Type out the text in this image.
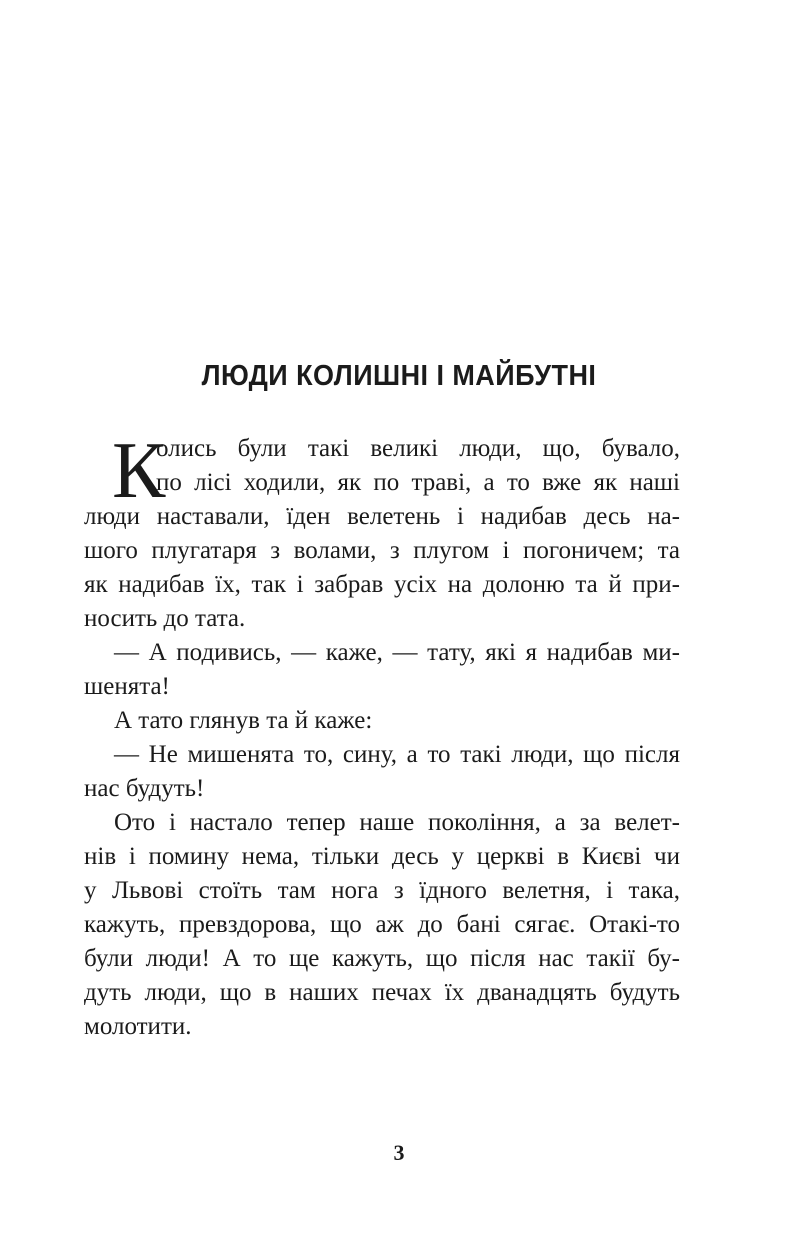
ЛЮДИ КОЛИШНІ І МАЙБУТНІ
К
олись були такі великі люди, що, бувало,
по лісі ходили, як по траві, а то вже як наші
люди наставали, їден велетень і надибав десь на-
шого плугатаря з волами, з плугом і погоничем; та
як надибав їх, так і забрав усіх на долоню та й при-
носить до тата.
— А подивись, — каже, — тату, які я надибав ми-
шенята!
А тато глянув та й каже:
— Не мишенята то, сину, а то такі люди, що після
нас будуть!
Ото і настало тепер наше покоління, а за велет-
нів і помину нема, тільки десь у церкві в Києві чи
у Львові стоїть там нога з їдного велетня, і така,
кажуть, превздорова, що аж до бані сягає. Отакі-то
були люди! А то ще кажуть, що після нас такії бу-
дуть люди, що в наших печах їх дванадцять будуть
молотити.
3
